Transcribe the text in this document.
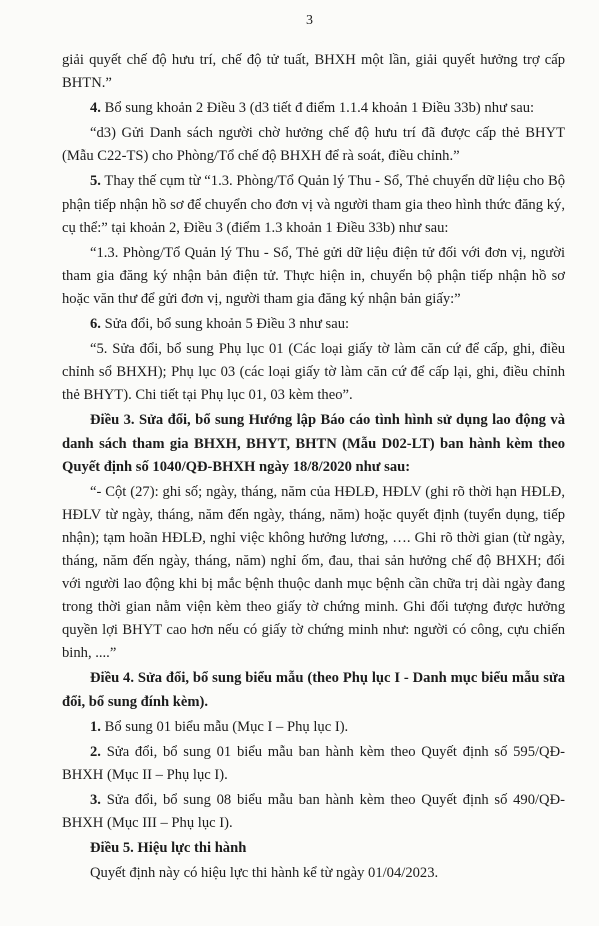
3

giải quyết chế độ hưu trí, chế độ tử tuất, BHXH một lần, giải quyết hưởng trợ cấp BHTN.”

4. Bổ sung khoản 2 Điều 3 (d3 tiết đ điểm 1.1.4 khoản 1 Điều 33b) như sau:

“d3) Gửi Danh sách người chờ hưởng chế độ hưu trí đã được cấp thẻ BHYT (Mẫu C22-TS) cho Phòng/Tổ chế độ BHXH để rà soát, điều chỉnh.”

5. Thay thế cụm từ “1.3. Phòng/Tổ Quản lý Thu - Sổ, Thẻ chuyển dữ liệu cho Bộ phận tiếp nhận hồ sơ để chuyển cho đơn vị và người tham gia theo hình thức đăng ký, cụ thể:” tại khoản 2, Điều 3 (điểm 1.3 khoản 1 Điều 33b) như sau:

“1.3. Phòng/Tổ Quản lý Thu - Sổ, Thẻ gửi dữ liệu điện tử đối với đơn vị, người tham gia đăng ký nhận bản điện tử. Thực hiện in, chuyển bộ phận tiếp nhận hồ sơ hoặc văn thư để gửi đơn vị, người tham gia đăng ký nhận bản giấy:”

6. Sửa đổi, bổ sung khoản 5 Điều 3 như sau:

“5. Sửa đổi, bổ sung Phụ lục 01 (Các loại giấy tờ làm căn cứ để cấp, ghi, điều chỉnh sổ BHXH); Phụ lục 03 (các loại giấy tờ làm căn cứ để cấp lại, ghi, điều chỉnh thẻ BHYT). Chi tiết tại Phụ lục 01, 03 kèm theo”.

Điều 3. Sửa đổi, bổ sung Hướng lập Báo cáo tình hình sử dụng lao động và danh sách tham gia BHXH, BHYT, BHTN (Mẫu D02-LT) ban hành kèm theo Quyết định số 1040/QĐ-BHXH ngày 18/8/2020 như sau:

“- Cột (27): ghi số; ngày, tháng, năm của HĐLĐ, HĐLV (ghi rõ thời hạn HĐLĐ, HĐLV từ ngày, tháng, năm đến ngày, tháng, năm) hoặc quyết định (tuyển dụng, tiếp nhận); tạm hoãn HĐLĐ, nghỉ việc không hưởng lương, …. Ghi rõ thời gian (từ ngày, tháng, năm đến ngày, tháng, năm) nghỉ ốm, đau, thai sản hưởng chế độ BHXH; đối với người lao động khi bị mắc bệnh thuộc danh mục bệnh cần chữa trị dài ngày đang trong thời gian nằm viện kèm theo giấy tờ chứng minh. Ghi đối tượng được hưởng quyền lợi BHYT cao hơn nếu có giấy tờ chứng minh như: người có công, cựu chiến binh, ....”

Điều 4. Sửa đổi, bổ sung biểu mẫu (theo Phụ lục I - Danh mục biểu mẫu sửa đổi, bổ sung đính kèm).

1. Bổ sung 01 biểu mẫu (Mục I – Phụ lục I).

2. Sửa đổi, bổ sung 01 biểu mẫu ban hành kèm theo Quyết định số 595/QĐ-BHXH (Mục II – Phụ lục I).

3. Sửa đổi, bổ sung 08 biểu mẫu ban hành kèm theo Quyết định số 490/QĐ-BHXH (Mục III – Phụ lục I).

Điều 5. Hiệu lực thi hành

Quyết định này có hiệu lực thi hành kể từ ngày 01/04/2023.
